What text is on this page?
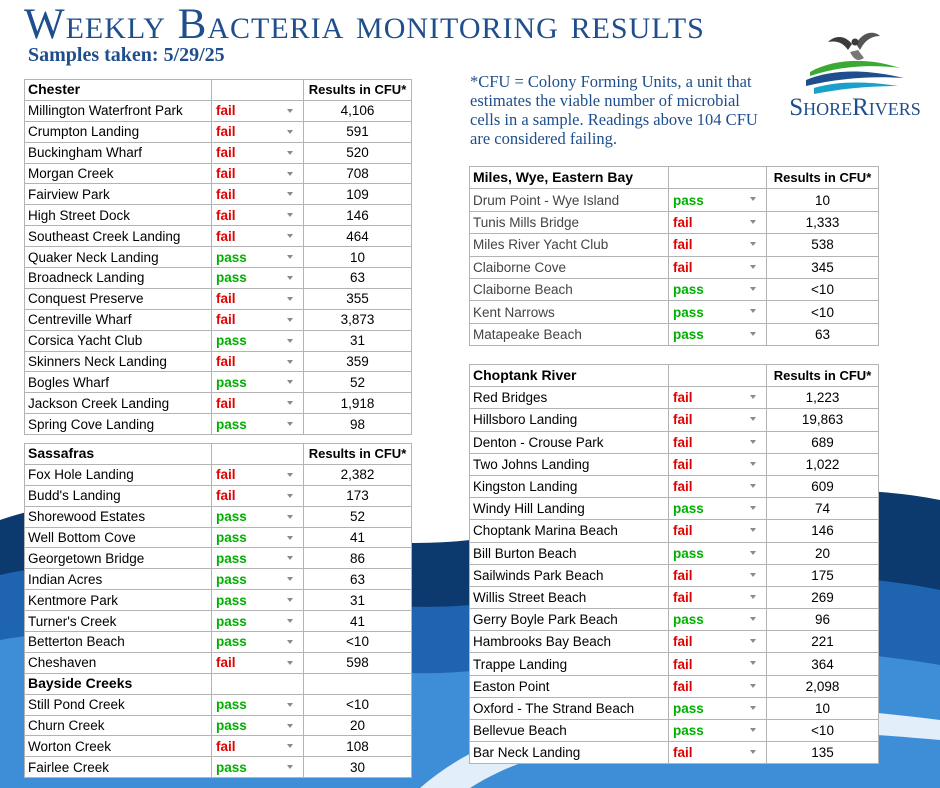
Weekly Bacteria monitoring results
Samples taken: 5/29/25
*CFU = Colony Forming Units, a unit that estimates the viable number of microbial cells in a sample. Readings above 104 CFU are considered failing.
ShoreRivers
Chester		Results in CFU*
Millington Waterfront Park	fail	4,106
Crumpton Landing	fail	591
Buckingham Wharf	fail	520
Morgan Creek	fail	708
Fairview Park	fail	109
High Street Dock	fail	146
Southeast Creek Landing	fail	464
Quaker Neck Landing	pass	10
Broadneck Landing	pass	63
Conquest Preserve	fail	355
Centreville Wharf	fail	3,873
Corsica Yacht Club	pass	31
Skinners Neck Landing	fail	359
Bogles Wharf	pass	52
Jackson Creek Landing	fail	1,918
Spring Cove Landing	pass	98
Sassafras		Results in CFU*
Fox Hole Landing	fail	2,382
Budd's Landing	fail	173
Shorewood Estates	pass	52
Well Bottom Cove	pass	41
Georgetown Bridge	pass	86
Indian Acres	pass	63
Kentmore Park	pass	31
Turner's Creek	pass	41
Betterton Beach	pass	<10
Cheshaven	fail	598
Bayside Creeks		
Still Pond Creek	pass	<10
Churn Creek	pass	20
Worton Creek	fail	108
Fairlee Creek	pass	30
Miles, Wye, Eastern Bay		Results in CFU*
Drum Point - Wye Island	pass	10
Tunis Mills Bridge	fail	1,333
Miles River Yacht Club	fail	538
Claiborne Cove	fail	345
Claiborne Beach	pass	<10
Kent Narrows	pass	<10
Matapeake Beach	pass	63
Choptank River		Results in CFU*
Red Bridges	fail	1,223
Hillsboro Landing	fail	19,863
Denton - Crouse Park	fail	689
Two Johns Landing	fail	1,022
Kingston Landing	fail	609
Windy Hill Landing	pass	74
Choptank Marina Beach	fail	146
Bill Burton Beach	pass	20
Sailwinds Park Beach	fail	175
Willis Street Beach	fail	269
Gerry Boyle Park Beach	pass	96
Hambrooks Bay Beach	fail	221
Trappe Landing	fail	364
Easton Point	fail	2,098
Oxford - The Strand Beach	pass	10
Bellevue Beach	pass	<10
Bar Neck Landing	fail	135
